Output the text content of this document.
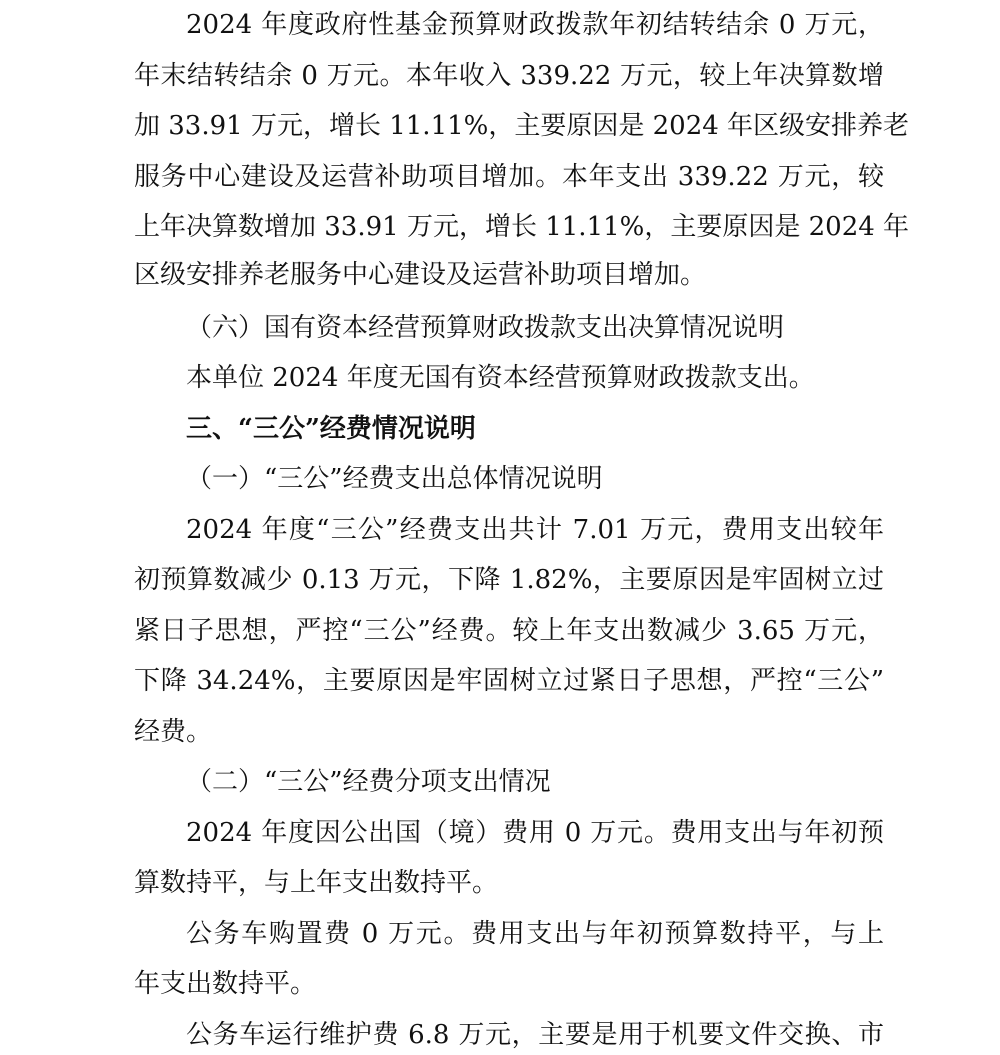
2024 年度政府性基金预算财政拨款年初结转结余 0 万元，
年末结转结余 0 万元。本年收入 339.22 万元，较上年决算数增
加 33.91 万元，增长 11.11%，主要原因是 2024 年区级安排养老
服务中心建设及运营补助项目增加。本年支出 339.22 万元，较
上年决算数增加 33.91 万元，增长 11.11%，主要原因是 2024 年
区级安排养老服务中心建设及运营补助项目增加。
（六）国有资本经营预算财政拨款支出决算情况说明
本单位 2024 年度无国有资本经营预算财政拨款支出。
三、“三公”经费情况说明
（一）“三公”经费支出总体情况说明
2024 年度“三公”经费支出共计 7.01 万元，费用支出较年
初预算数减少 0.13 万元，下降 1.82%，主要原因是牢固树立过
紧日子思想，严控“三公”经费。较上年支出数减少 3.65 万元，
下降 34.24%，主要原因是牢固树立过紧日子思想，严控“三公”
经费。
（二）“三公”经费分项支出情况
2024 年度因公出国（境）费用 0 万元。费用支出与年初预
算数持平，与上年支出数持平。
公务车购置费 0 万元。费用支出与年初预算数持平，与上
年支出数持平。
公务车运行维护费 6.8 万元，主要是用于机要文件交换、市
